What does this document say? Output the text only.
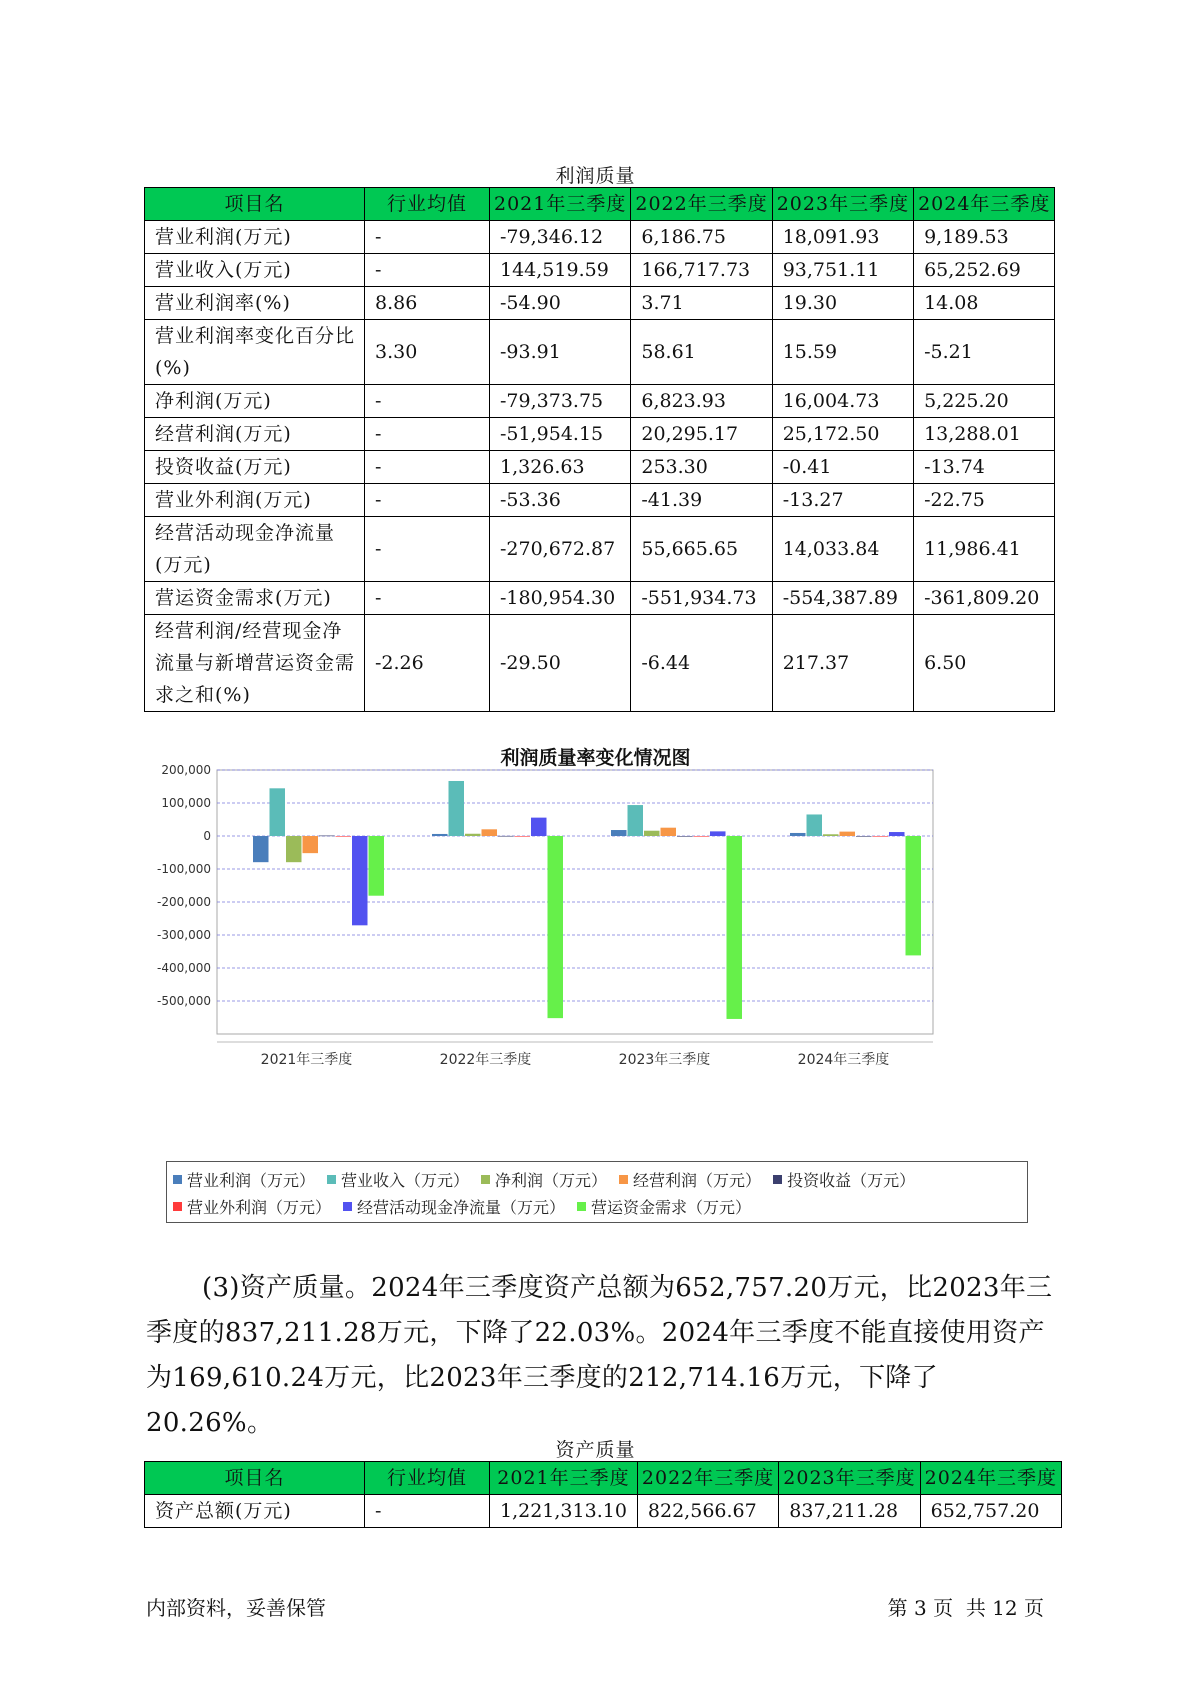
利润质量
项目名	行业均值	2021年三季度	2022年三季度	2023年三季度	2024年三季度
营业利润(万元)	-	-79,346.12	6,186.75	18,091.93	9,189.53
营业收入(万元)	-	144,519.59	166,717.73	93,751.11	65,252.69
营业利润率(%)	8.86	-54.90	3.71	19.30	14.08
营业利润率变化百分比(%)	3.30	-93.91	58.61	15.59	-5.21
净利润(万元)	-	-79,373.75	6,823.93	16,004.73	5,225.20
经营利润(万元)	-	-51,954.15	20,295.17	25,172.50	13,288.01
投资收益(万元)	-	1,326.63	253.30	-0.41	-13.74
营业外利润(万元)	-	-53.36	-41.39	-13.27	-22.75
经营活动现金净流量(万元)	-	-270,672.87	55,665.65	14,033.84	11,986.41
营运资金需求(万元)	-	-180,954.30	-551,934.73	-554,387.89	-361,809.20
经营利润/经营现金净流量与新增营运资金需求之和(%)	-2.26	-29.50	-6.44	217.37	6.50
200,000
100,000
0
-100,000
-200,000
-300,000
-400,000
-500,000
2021年三季度	2022年三季度	2023年三季度	2024年三季度
营业利润（万元） 营业收入（万元） 净利润（万元） 经营利润（万元） 投资收益（万元）
营业外利润（万元） 经营活动现金净流量（万元） 营运资金需求（万元）
(3)资产质量。2024年三季度资产总额为652,757.20万元，比2023年三季度的837,211.28万元，下降了22.03%。2024年三季度不能直接使用资产为169,610.24万元，比2023年三季度的212,714.16万元，下降了20.26%。
资产质量
项目名	行业均值	2021年三季度	2022年三季度	2023年三季度	2024年三季度
资产总额(万元)	-	1,221,313.10	822,566.67	837,211.28	652,757.20
内部资料，妥善保管	第 3 页  共 12 页
利润质量率变化情况图
